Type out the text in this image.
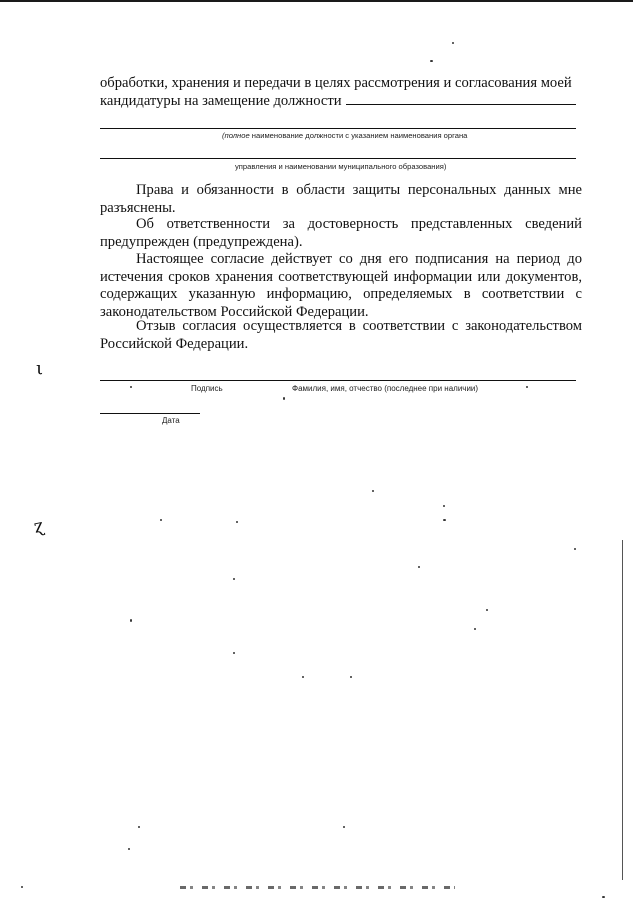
обработки, хранения и передачи в целях рассмотрения и согласования моей
кандидатуры на замещение должности
(полное наименование должности с указанием наименования органа
управления и наименовании муниципального образования)

Права и обязанности в области защиты персональных данных мне разъяснены.

Об ответственности за достоверность представленных сведений предупрежден (предупреждена).

Настоящее согласие действует со дня его подписания на период до истечения сроков хранения соответствующей информации или документов, содержащих указанную информацию, определяемых в соответствии с законодательством Российской Федерации.

Отзыв согласия осуществляется в соответствии с законодательством Российской Федерации.

Подпись	Фамилия, имя, отчество (последнее при наличии)
Дата
ι
ɀ
